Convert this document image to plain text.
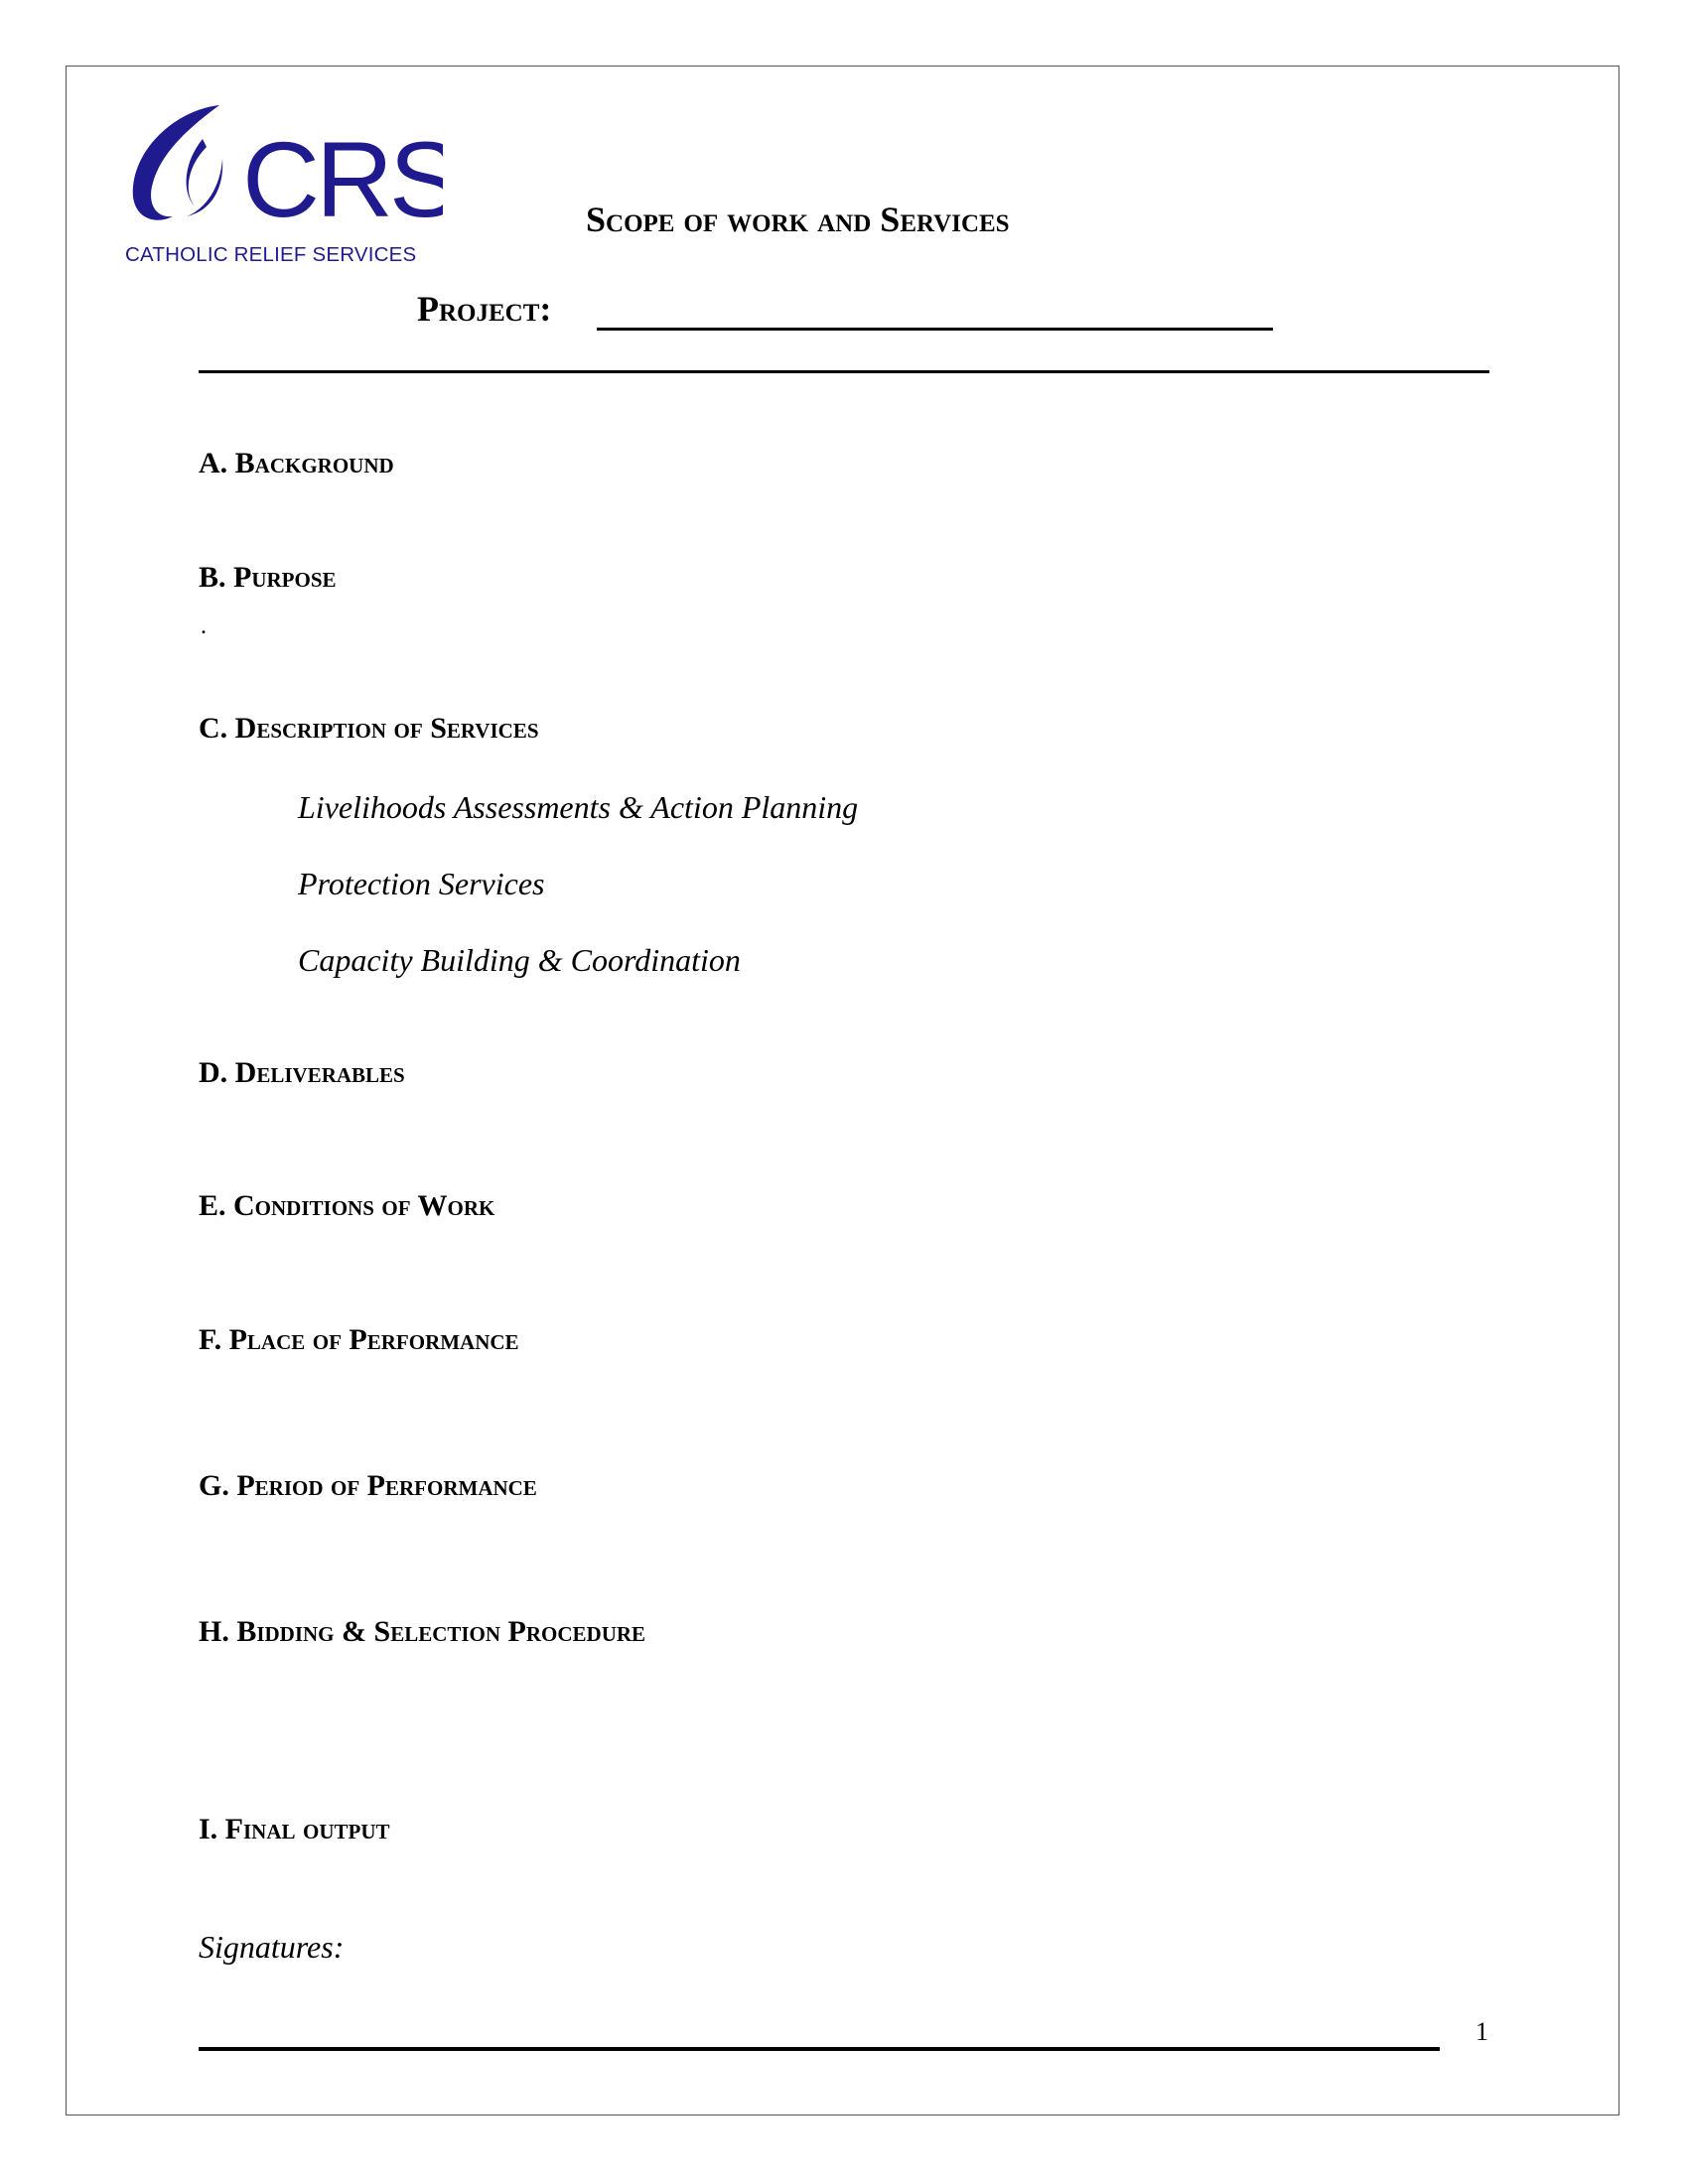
CRS
CATHOLIC RELIEF SERVICES
Scope of work and Services
Project:
A. Background
B. Purpose
.
C. Description of Services
Livelihoods Assessments & Action Planning
Protection Services
Capacity Building & Coordination
D. Deliverables
E. Conditions of Work
F. Place of Performance
G. Period of Performance
H. Bidding & Selection Procedure
I. Final output
Signatures:
1
